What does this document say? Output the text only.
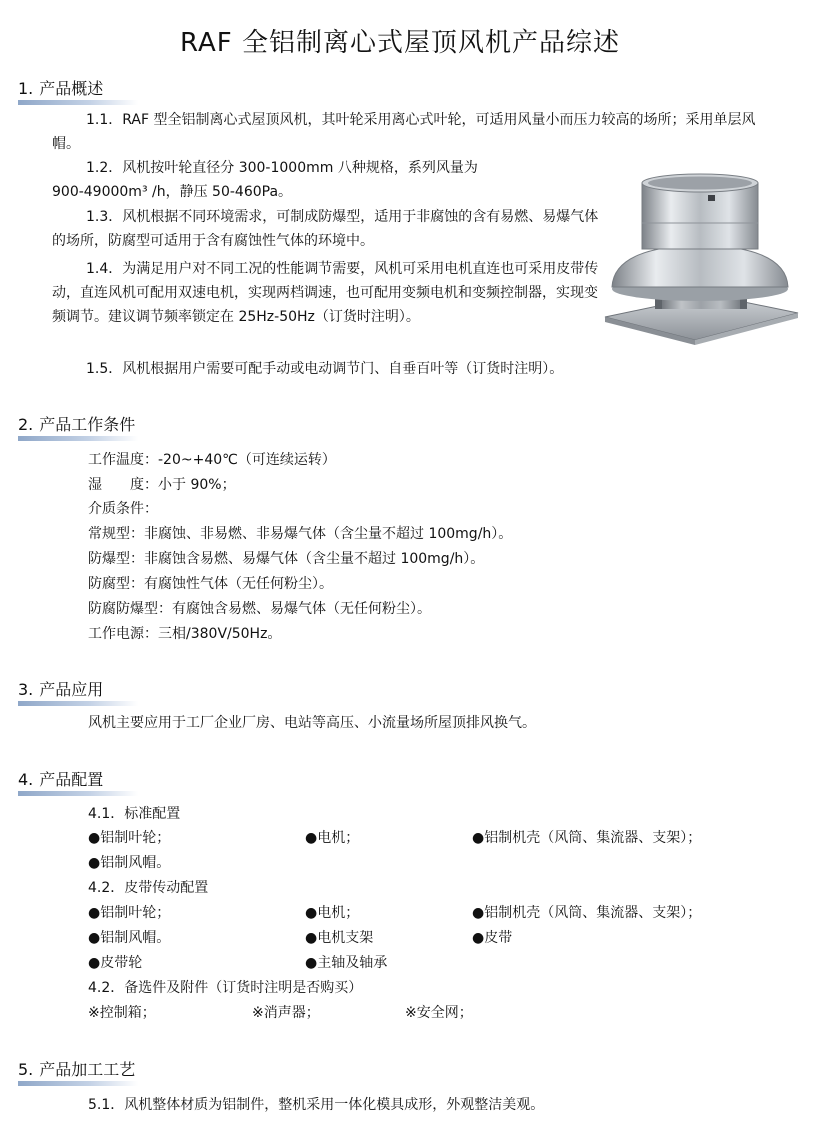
RAF 全铝制离心式屋顶风机产品综述
1. 产品概述
1.1．RAF 型全铝制离心式屋顶风机，其叶轮采用离心式叶轮，可适用风量小而压力较高的场所；采用单层风帽。
1.2．风机按叶轮直径分 300-1000mm 八种规格，系列风量为
900-49000m³ /h，静压 50-460Pa。
1.3．风机根据不同环境需求，可制成防爆型，适用于非腐蚀的含有易燃、易爆气体的场所，防腐型可适用于含有腐蚀性气体的环境中。
1.4．为满足用户对不同工况的性能调节需要，风机可采用电机直连也可采用皮带传动，直连风机可配用双速电机，实现两档调速，也可配用变频电机和变频控制器，实现变频调节。建议调节频率锁定在 25Hz-50Hz（订货时注明）。
1.5．风机根据用户需要可配手动或电动调节门、自垂百叶等（订货时注明）。
2. 产品工作条件
工作温度：-20~+40℃（可连续运转）
湿　　度：小于 90%；
介质条件：
常规型：非腐蚀、非易燃、非易爆气体（含尘量不超过 100mg/h）。
防爆型：非腐蚀含易燃、易爆气体（含尘量不超过 100mg/h）。
防腐型：有腐蚀性气体（无任何粉尘）。
防腐防爆型：有腐蚀含易燃、易爆气体（无任何粉尘）。
工作电源：三相/380V/50Hz。
3. 产品应用
风机主要应用于工厂企业厂房、电站等高压、小流量场所屋顶排风换气。
4. 产品配置
4.1．标准配置
●铝制叶轮；	●电机；	●铝制机壳（风筒、集流器、支架）；
●铝制风帽。
4.2．皮带传动配置
●铝制叶轮；	●电机；	●铝制机壳（风筒、集流器、支架）；
●铝制风帽。	●电机支架	●皮带
●皮带轮	●主轴及轴承
4.2．备选件及附件（订货时注明是否购买）
※控制箱；	※消声器；	※安全网；
5. 产品加工工艺
5.1．风机整体材质为铝制件，整机采用一体化模具成形，外观整洁美观。
